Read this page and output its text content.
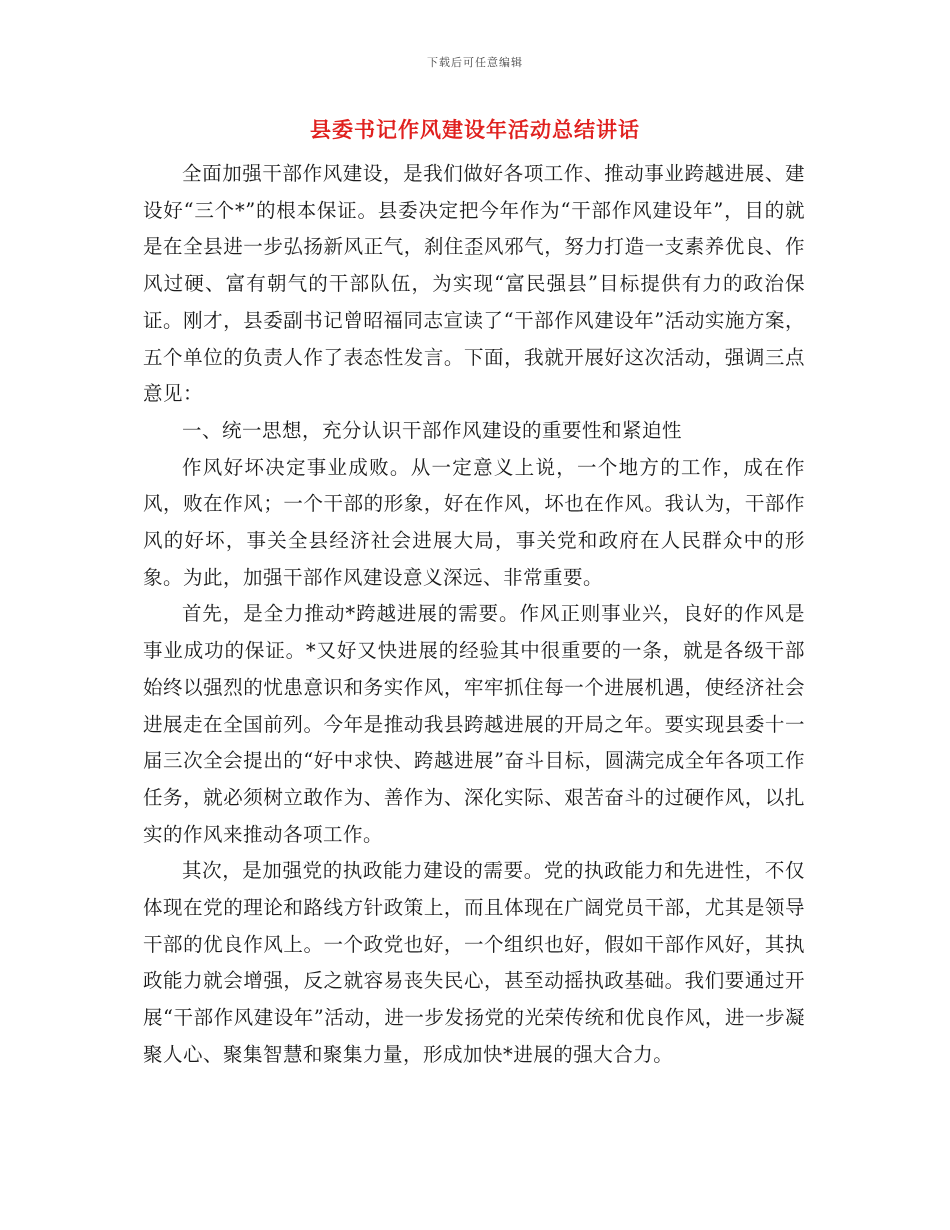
下载后可任意编辑
县委书记作风建设年活动总结讲话

全面加强干部作风建设，是我们做好各项工作、推动事业跨越进展、建设好“三个*”的根本保证。县委决定把今年作为“干部作风建设年”，目的就是在全县进一步弘扬新风正气，刹住歪风邪气，努力打造一支素养优良、作风过硬、富有朝气的干部队伍，为实现“富民强县”目标提供有力的政治保证。刚才，县委副书记曾昭福同志宣读了“干部作风建设年”活动实施方案，五个单位的负责人作了表态性发言。下面，我就开展好这次活动，强调三点意见：

一、统一思想，充分认识干部作风建设的重要性和紧迫性

作风好坏决定事业成败。从一定意义上说，一个地方的工作，成在作风，败在作风；一个干部的形象，好在作风，坏也在作风。我认为，干部作风的好坏，事关全县经济社会进展大局，事关党和政府在人民群众中的形象。为此，加强干部作风建设意义深远、非常重要。

首先，是全力推动*跨越进展的需要。作风正则事业兴，良好的作风是事业成功的保证。*又好又快进展的经验其中很重要的一条，就是各级干部始终以强烈的忧患意识和务实作风，牢牢抓住每一个进展机遇，使经济社会进展走在全国前列。今年是推动我县跨越进展的开局之年。要实现县委十一届三次全会提出的“好中求快、跨越进展”奋斗目标，圆满完成全年各项工作任务，就必须树立敢作为、善作为、深化实际、艰苦奋斗的过硬作风，以扎实的作风来推动各项工作。

其次，是加强党的执政能力建设的需要。党的执政能力和先进性，不仅体现在党的理论和路线方针政策上，而且体现在广阔党员干部，尤其是领导干部的优良作风上。一个政党也好，一个组织也好，假如干部作风好，其执政能力就会增强，反之就容易丧失民心，甚至动摇执政基础。我们要通过开展“干部作风建设年”活动，进一步发扬党的光荣传统和优良作风，进一步凝聚人心、聚集智慧和聚集力量，形成加快*进展的强大合力。
